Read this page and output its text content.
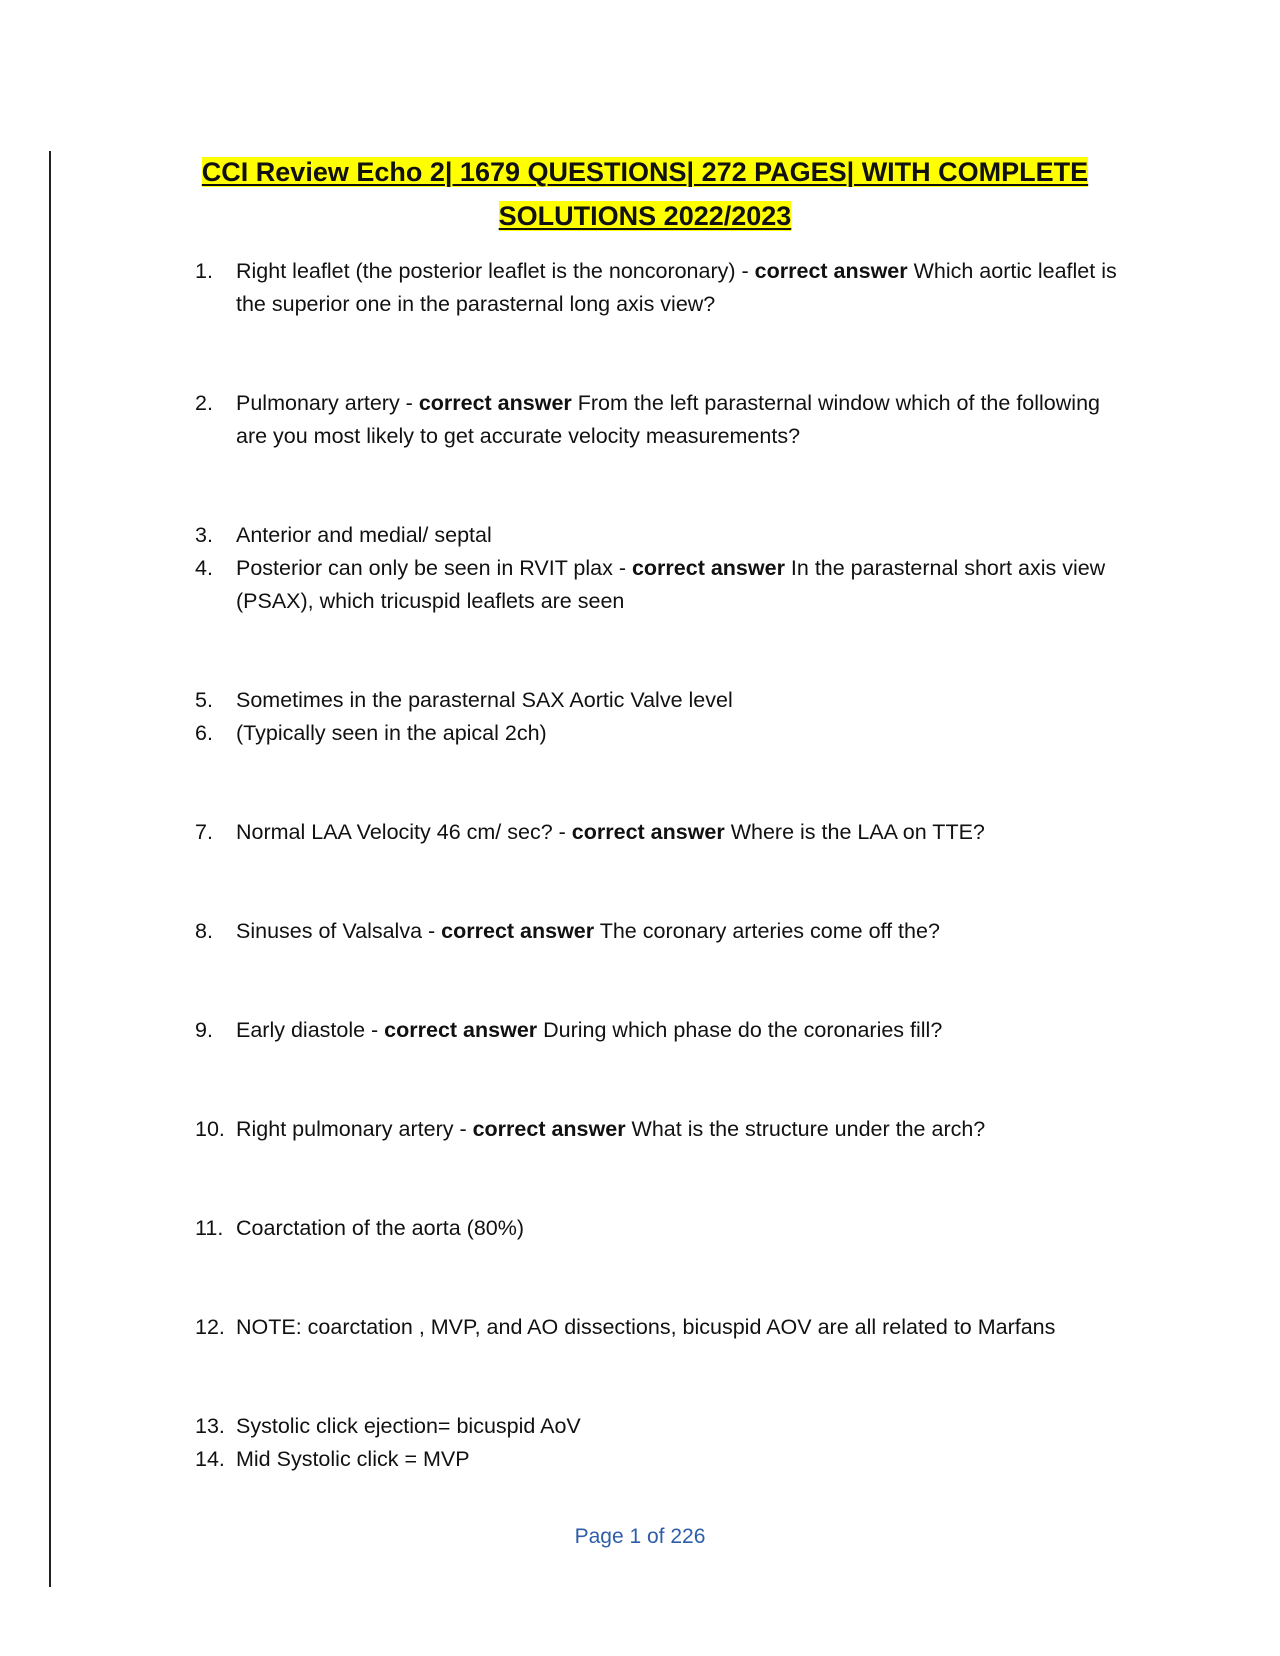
CCI Review Echo 2| 1679 QUESTIONS| 272 PAGES| WITH COMPLETE
SOLUTIONS 2022/2023
1. Right leaflet (the posterior leaflet is the noncoronary) - correct answer Which aortic leaflet is the superior one in the parasternal long axis view?
2. Pulmonary artery - correct answer From the left parasternal window which of the following are you most likely to get accurate velocity measurements?
3. Anterior and medial/ septal
4. Posterior can only be seen in RVIT plax - correct answer In the parasternal short axis view (PSAX), which tricuspid leaflets are seen
5. Sometimes in the parasternal SAX Aortic Valve level
6. (Typically seen in the apical 2ch)
7. Normal LAA Velocity 46 cm/ sec? - correct answer Where is the LAA on TTE?
8. Sinuses of Valsalva - correct answer The coronary arteries come off the?
9. Early diastole - correct answer During which phase do the coronaries fill?
10. Right pulmonary artery - correct answer What is the structure under the arch?
11. Coarctation of the aorta (80%)
12. NOTE: coarctation , MVP, and AO dissections, bicuspid AOV are all related to Marfans
13. Systolic click ejection= bicuspid AoV
14. Mid Systolic click = MVP
Page 1 of 226
